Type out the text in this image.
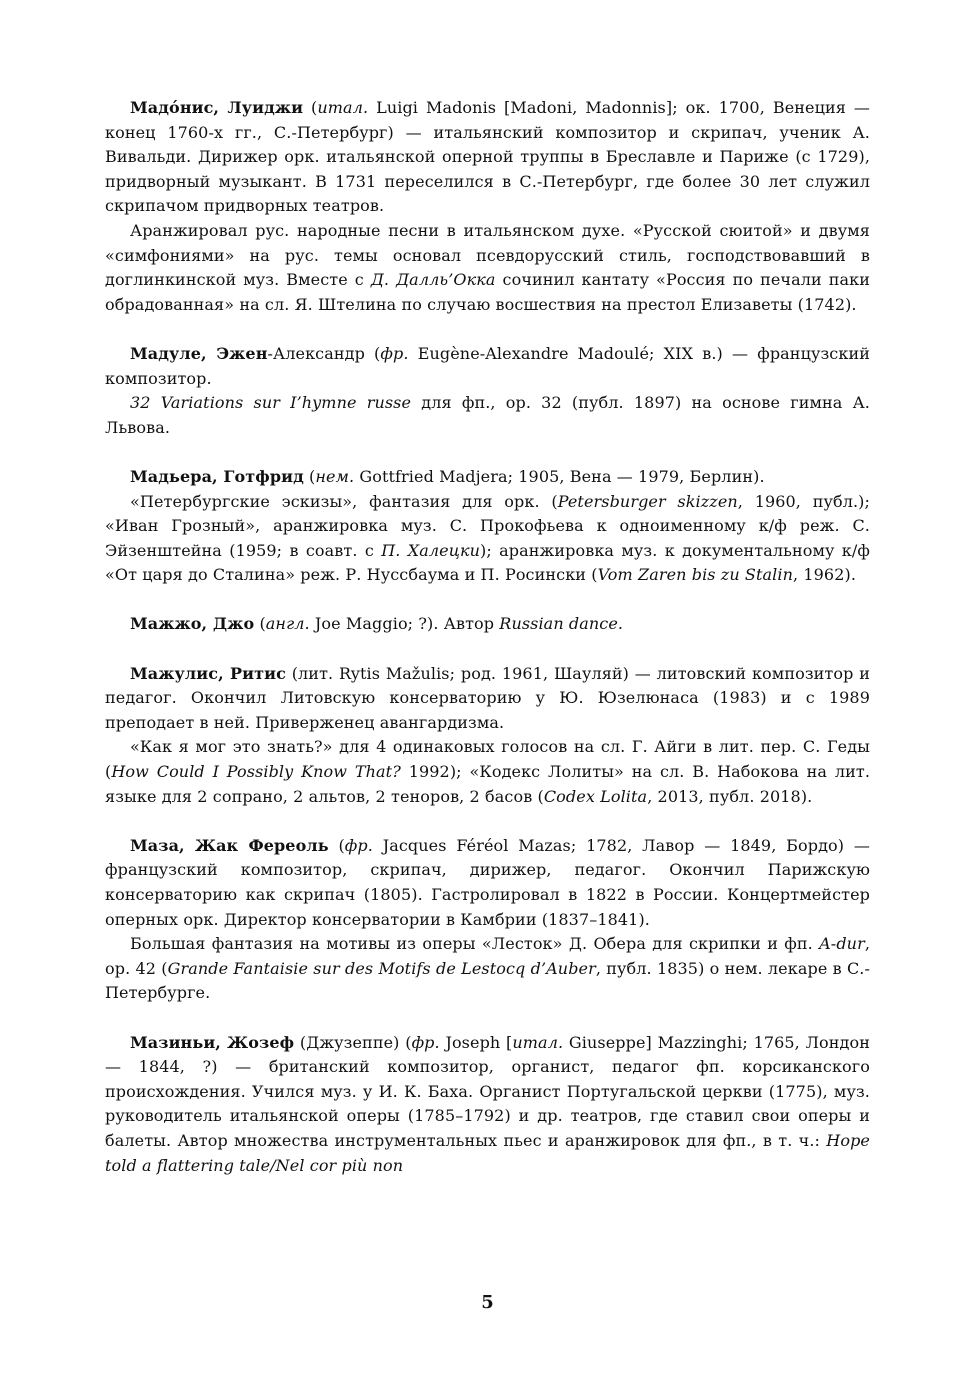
Мадóнис, Луиджи (итал. Luigi Madonis [Madoni, Madonnis]; ок. 1700, Венеция — конец 1760-х гг., С.-Петербург) — итальянский композитор и скрипач, ученик А. Вивальди. Дирижер орк. итальянской оперной труппы в Бреславле и Париже (с 1729), придворный музыкант. В 1731 переселился в С.-Петербург, где более 30 лет служил скрипачом придворных театров.

Аранжировал рус. народные песни в итальянском духе. «Русской сюитой» и двумя «симфониями» на рус. темы основал псевдорусский стиль, господствовавший в доглинкинской муз. Вместе с Д. Далль’Окка сочинил кантату «Россия по печали паки обрадованная» на сл. Я. Штелина по случаю восшествия на престол Елизаветы (1742).

Мадуле, Эжен-Александр (фр. Eugène-Alexandre Madoulé; XIX в.) — французский композитор.

32 Variations sur I’hymne russe для фп., ор. 32 (публ. 1897) на основе гимна А. Львова.

Мадьера, Готфрид (нем. Gottfried Madjera; 1905, Вена — 1979, Берлин).

«Петербургские эскизы», фантазия для орк. (Petersburger skizzen, 1960, публ.); «Иван Грозный», аранжировка муз. С. Прокофьева к одноименному к/ф реж. С. Эйзенштейна (1959; в соавт. с П. Халецки); аранжировка муз. к документальному к/ф «От царя до Сталина» реж. Р. Нуссбаума и П. Росински (Vom Zaren bis zu Stalin, 1962).

Мажжо, Джо (англ. Joe Maggio; ?). Автор Russian dance.

Мажулис, Ритис (лит. Rytis Mažulis; род. 1961, Шауляй) — литовский композитор и педагог. Окончил Литовскую консерваторию у Ю. Юзелюнаса (1983) и с 1989 преподает в ней. Приверженец авангардизма.

«Как я мог это знать?» для 4 одинаковых голосов на сл. Г. Айги в лит. пер. С. Геды (How Could I Possibly Know That? 1992); «Кодекс Лолиты» на сл. В. Набокова на лит. языке для 2 сопрано, 2 альтов, 2 теноров, 2 басов (Codex Lolita, 2013, публ. 2018).

Маза, Жак Фереоль (фр. Jacques Féréol Mazas; 1782, Лавор — 1849, Бордо) — французский композитор, скрипач, дирижер, педагог. Окончил Парижскую консерваторию как скрипач (1805). Гастролировал в 1822 в России. Концертмейстер оперных орк. Директор консерватории в Камбрии (1837–1841).

Большая фантазия на мотивы из оперы «Лесток» Д. Обера для скрипки и фп. A-dur, ор. 42 (Grande Fantaisie sur des Motifs de Lestocq d’Auber, публ. 1835) о нем. лекаре в С.-Петербурге.

Мазиньи, Жозеф (Джузеппе) (фр. Joseph [итал. Giuseppe] Mazzinghi; 1765, Лондон — 1844, ?) — британский композитор, органист, педагог фп. корсиканского происхождения. Учился муз. у И. К. Баха. Органист Португальской церкви (1775), муз. руководитель итальянской оперы (1785–1792) и др. театров, где ставил свои оперы и балеты. Автор множества инструментальных пьес и аранжировок для фп., в т. ч.: Hope told a flattering tale/Nel cor più non

5
